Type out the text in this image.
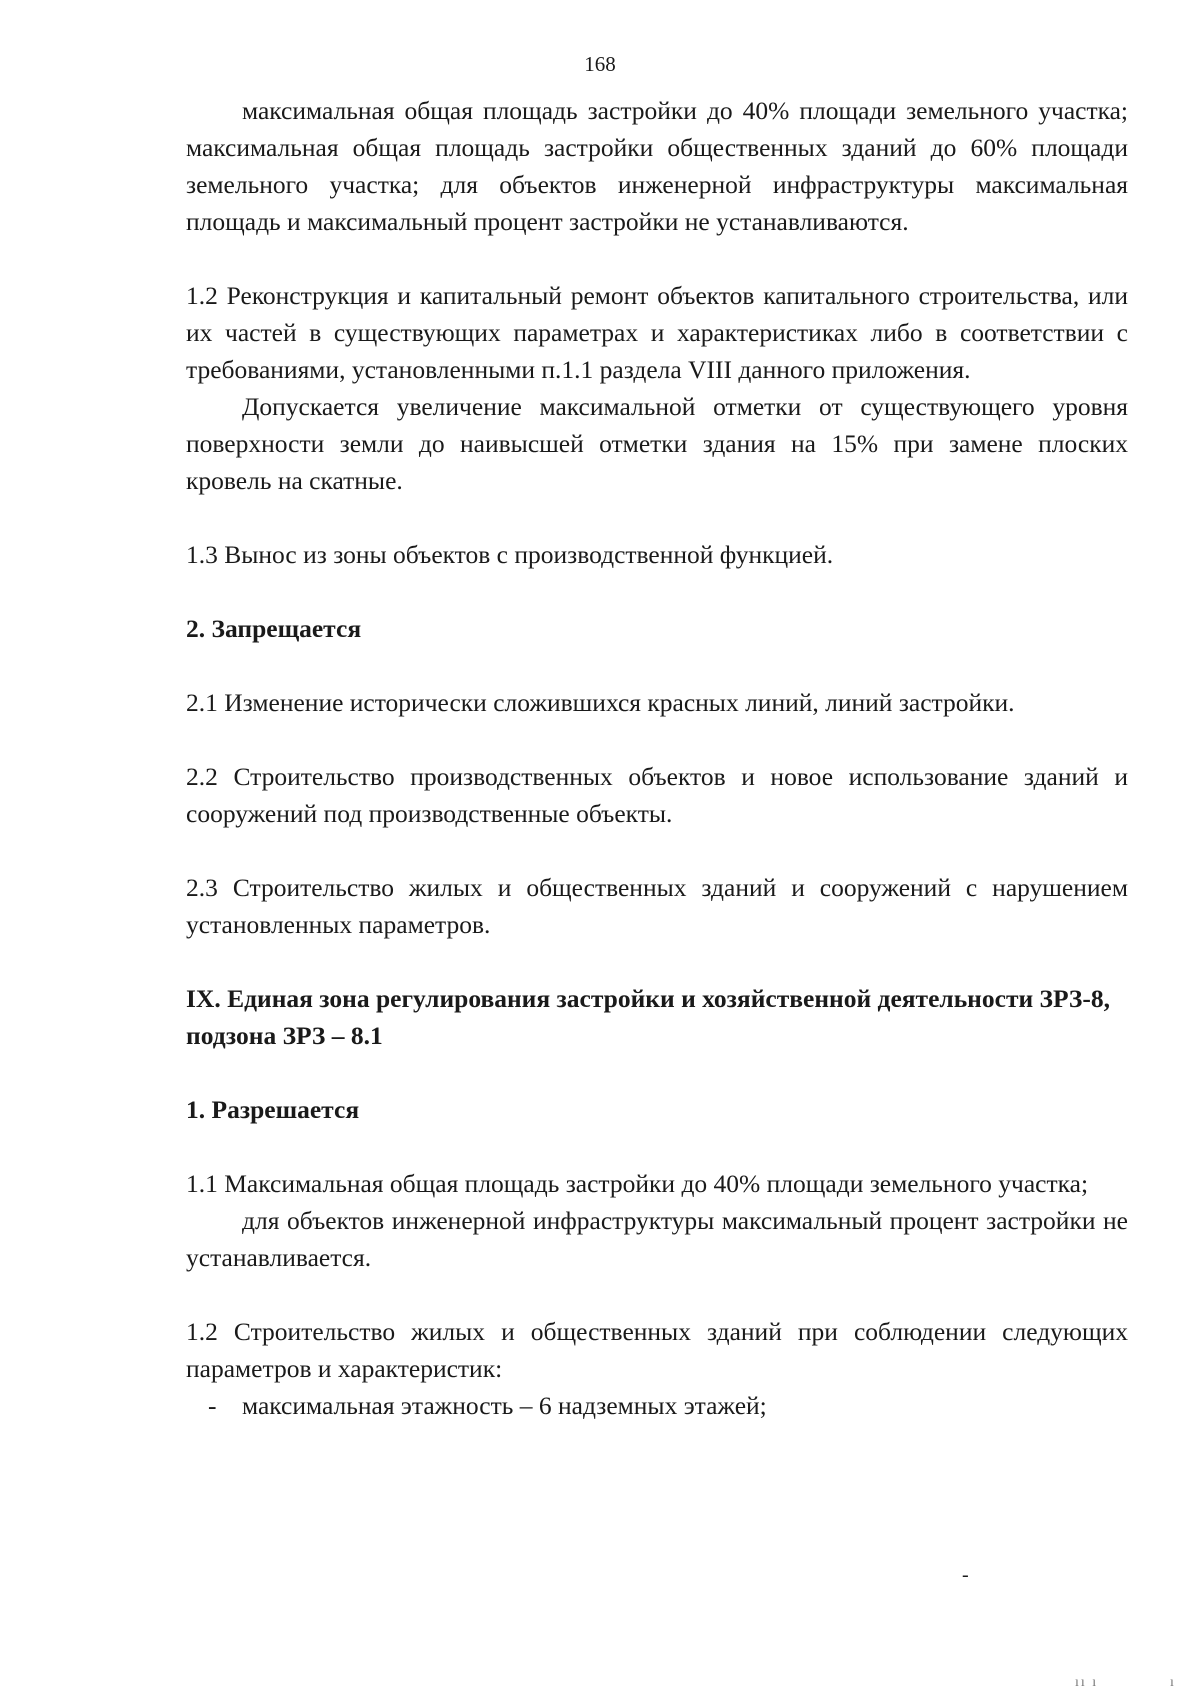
168

максимальная общая площадь застройки до 40% площади земельного участка; максимальная общая площадь застройки общественных зданий до 60% площади земельного участка; для объектов инженерной инфраструктуры максимальная площадь и максимальный процент застройки не устанавливаются.

1.2 Реконструкция и капитальный ремонт объектов капитального строительства, или их частей в существующих параметрах и характеристиках либо в соответствии с требованиями, установленными п.1.1 раздела VIII данного приложения.

Допускается увеличение максимальной отметки от существующего уровня поверхности земли до наивысшей отметки здания на 15% при замене плоских кровель на скатные.

1.3 Вынос из зоны объектов с производственной функцией.

2. Запрещается

2.1 Изменение исторически сложившихся красных линий, линий застройки.

2.2 Строительство производственных объектов и новое использование зданий и сооружений под производственные объекты.

2.3 Строительство жилых и общественных зданий и сооружений с нарушением установленных параметров.

IX. Единая зона регулирования застройки и хозяйственной деятельности ЗРЗ-8, подзона ЗРЗ – 8.1

1. Разрешается

1.1 Максимальная общая площадь застройки до 40% площади земельного участка;

для объектов инженерной инфраструктуры максимальный процент застройки не устанавливается.

1.2 Строительство жилых и общественных зданий при соблюдении следующих параметров и характеристик:

- максимальная этажность – 6 надземных этажей;

-
ıı ı	ı
